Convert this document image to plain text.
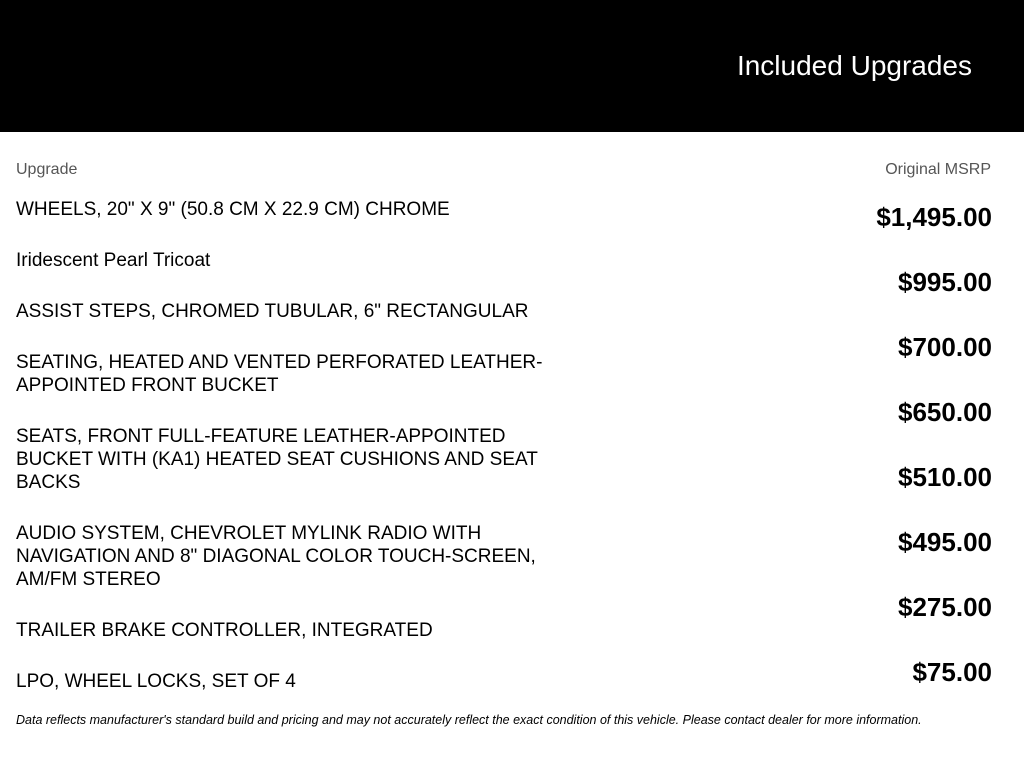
Included Upgrades
Upgrade	Original MSRP
WHEELS, 20" X 9" (50.8 CM X 22.9 CM) CHROME
Iridescent Pearl Tricoat
ASSIST STEPS, CHROMED TUBULAR, 6" RECTANGULAR
SEATING, HEATED AND VENTED PERFORATED LEATHER-APPOINTED FRONT BUCKET
SEATS, FRONT FULL-FEATURE LEATHER-APPOINTED BUCKET WITH (KA1) HEATED SEAT CUSHIONS AND SEAT BACKS
AUDIO SYSTEM, CHEVROLET MYLINK RADIO WITH NAVIGATION AND 8" DIAGONAL COLOR TOUCH-SCREEN, AM/FM STEREO
TRAILER BRAKE CONTROLLER, INTEGRATED
LPO, WHEEL LOCKS, SET OF 4
$1,495.00
$995.00
$700.00
$650.00
$510.00
$495.00
$275.00
$75.00
Data reflects manufacturer's standard build and pricing and may not accurately reflect the exact condition of this vehicle. Please contact dealer for more information.
